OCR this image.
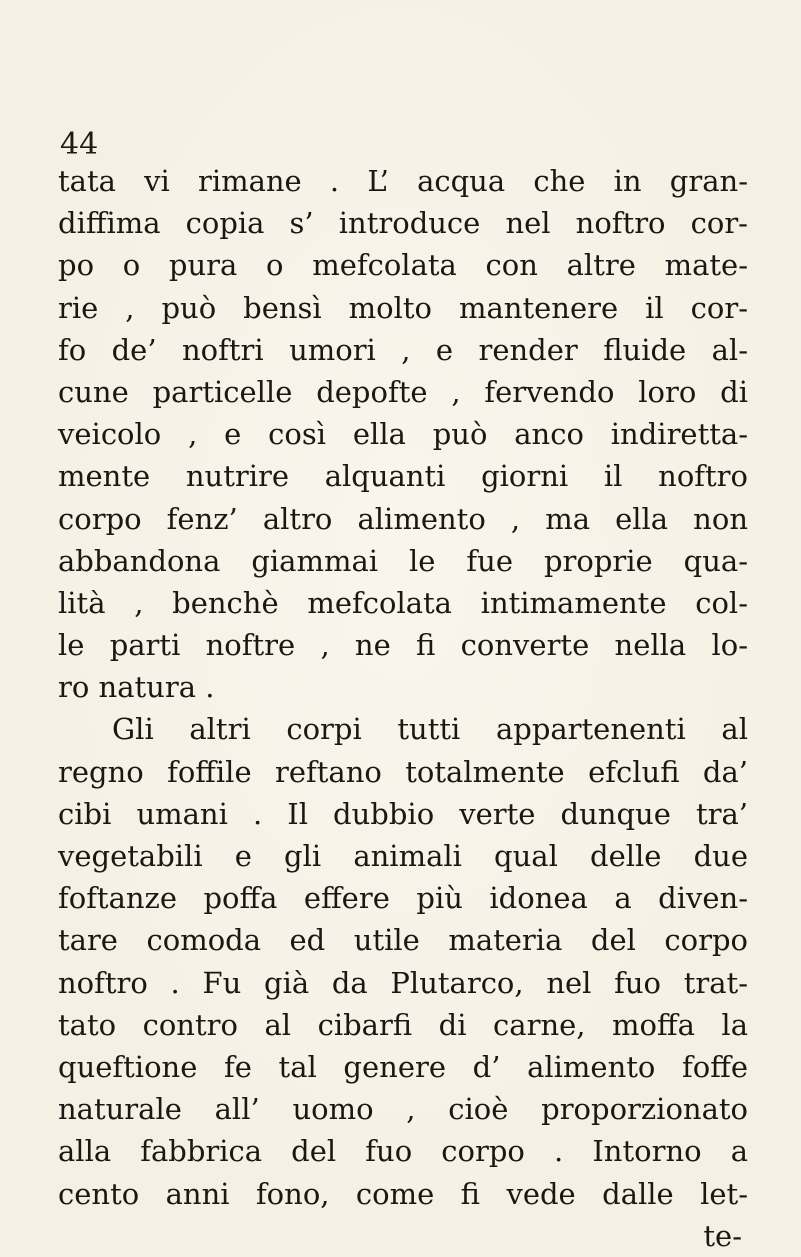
44
tata vi rimane . L’ acqua che in gran-
diffima copia s’ introduce nel noftro cor-
po o pura o mefcolata con altre mate-
rie , può bensì molto mantenere il cor-
fo de’ noftri umori , e render fluide al-
cune particelle depofte , fervendo loro di
veicolo , e così ella può anco indiretta-
mente nutrire alquanti giorni il noftro
corpo fenz’ altro alimento , ma ella non
abbandona giammai le fue proprie qua-
lità , benchè mefcolata intimamente col-
le parti noftre , ne fi converte nella lo-
ro natura .
Gli altri corpi tutti appartenenti al
regno foffile reftano totalmente efclufi da’
cibi umani . Il dubbio verte dunque tra’
vegetabili e gli animali qual delle due
foftanze poffa effere più idonea a diven-
tare comoda ed utile materia del corpo
noftro . Fu già da Plutarco, nel fuo trat-
tato contro al cibarfi di carne, moffa la
queftione fe tal genere d’ alimento foffe
naturale all’ uomo , cioè proporzionato
alla fabbrica del fuo corpo . Intorno a
cento anni fono, come fi vede dalle let-
te-
